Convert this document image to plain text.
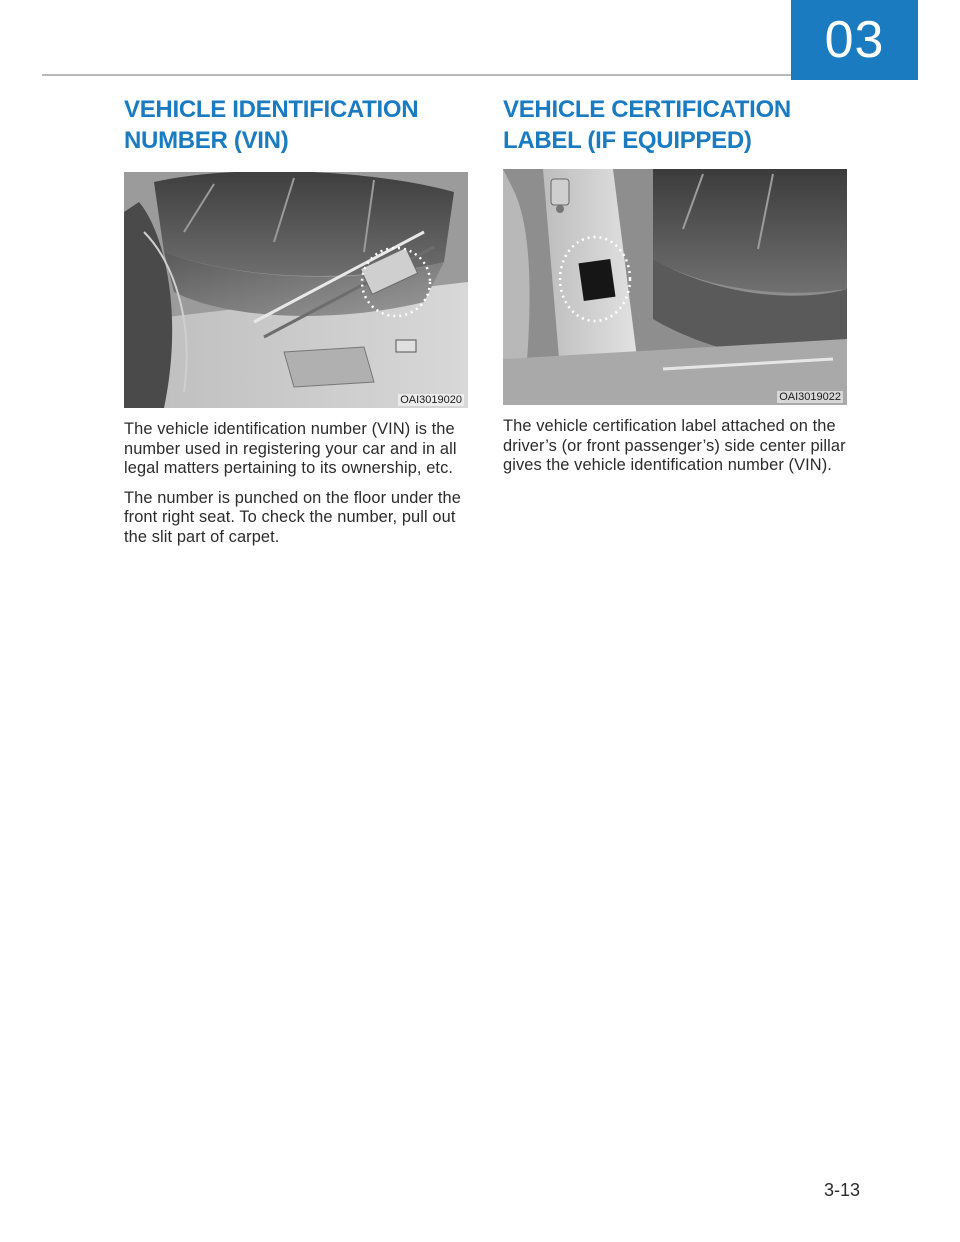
03
VEHICLE IDENTIFICATION
NUMBER (VIN)
OAI3019020

The vehicle identification number (VIN) is the number used in registering your car and in all legal matters pertaining to its ownership, etc.

The number is punched on the floor under the front right seat. To check the number, pull out the slit part of carpet.

VEHICLE CERTIFICATION
LABEL (IF EQUIPPED)
OAI3019022

The vehicle certification label attached on the driver’s (or front passenger’s) side center pillar gives the vehicle identification number (VIN).

3-13
